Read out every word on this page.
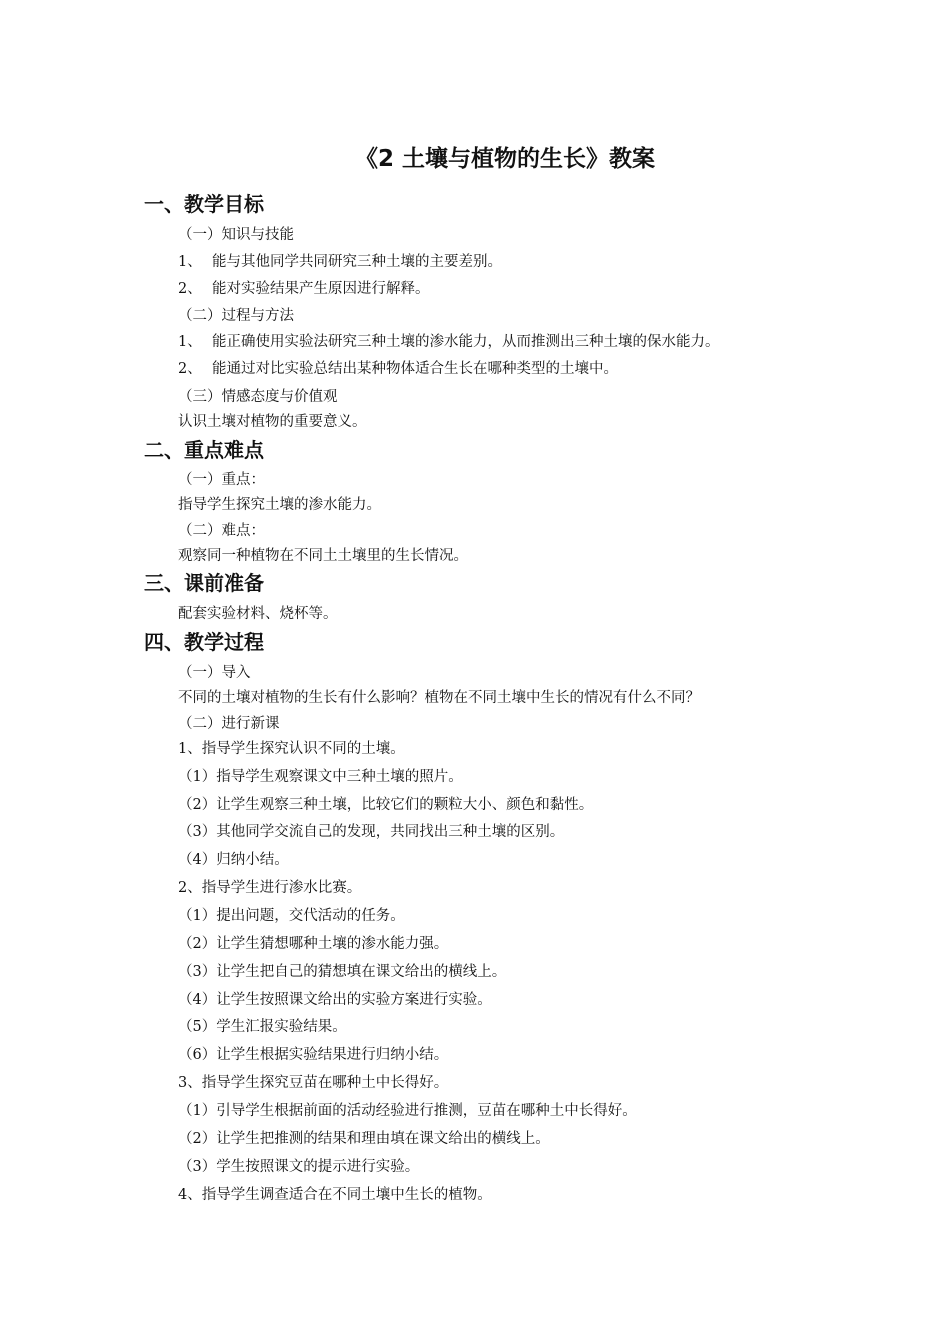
《2 土壤与植物的生长》教案
一、教学目标
（一）知识与技能
1、 能与其他同学共同研究三种土壤的主要差别。
2、 能对实验结果产生原因进行解释。
（二）过程与方法
1、 能正确使用实验法研究三种土壤的渗水能力，从而推测出三种土壤的保水能力。
2、 能通过对比实验总结出某种物体适合生长在哪种类型的土壤中。
（三）情感态度与价值观
认识土壤对植物的重要意义。
二、重点难点
（一）重点：
指导学生探究土壤的渗水能力。
（二）难点：
观察同一种植物在不同土土壤里的生长情况。
三、课前准备
配套实验材料、烧杯等。
四、教学过程
（一）导入
不同的土壤对植物的生长有什么影响？植物在不同土壤中生长的情况有什么不同？
（二）进行新课
1、指导学生探究认识不同的土壤。
（1）指导学生观察课文中三种土壤的照片。
（2）让学生观察三种土壤，比较它们的颗粒大小、颜色和黏性。
（3）其他同学交流自己的发现，共同找出三种土壤的区别。
（4）归纳小结。
2、指导学生进行渗水比赛。
（1）提出问题，交代活动的任务。
（2）让学生猜想哪种土壤的渗水能力强。
（3）让学生把自己的猜想填在课文给出的横线上。
（4）让学生按照课文给出的实验方案进行实验。
（5）学生汇报实验结果。
（6）让学生根据实验结果进行归纳小结。
3、指导学生探究豆苗在哪种土中长得好。
（1）引导学生根据前面的活动经验进行推测，豆苗在哪种土中长得好。
（2）让学生把推测的结果和理由填在课文给出的横线上。
（3）学生按照课文的提示进行实验。
4、指导学生调查适合在不同土壤中生长的植物。
